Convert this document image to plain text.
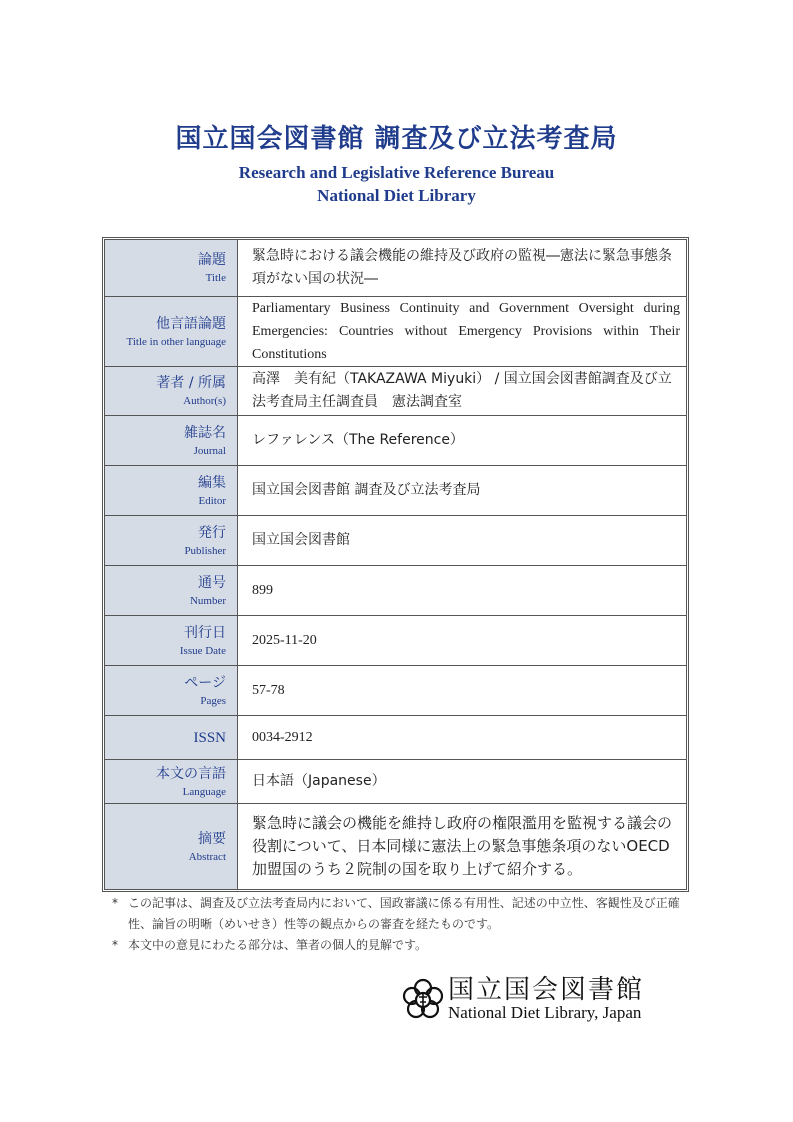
国立国会図書館 調査及び立法考査局

Research and Legislative Reference Bureau

National Diet Library

論題
Title
緊急時における議会機能の維持及び政府の監視―憲法に緊急事態条項がない国の状況―
他言語論題
Title in other language
Parliamentary Business Continuity and Government Oversight during Emergencies: Countries without Emergency Provisions within Their Constitutions
著者 / 所属
Author(s)
高澤　美有紀（TAKAZAWA Miyuki） / 国立国会図書館調査及び立法考査局主任調査員　憲法調査室
雑誌名
Journal
レファレンス（The Reference）
編集
Editor
国立国会図書館 調査及び立法考査局
発行
Publisher
国立国会図書館
通号
Number
899
刊行日
Issue Date
2025-11-20
ページ
Pages
57-78
ISSN	0034-2912
本文の言語
Language
日本語（Japanese）
摘要
Abstract
緊急時に議会の機能を維持し政府の権限濫用を監視する議会の役割について、日本同様に憲法上の緊急事態条項のないOECD 加盟国のうち２院制の国を取り上げて紹介する。
* この記事は、調査及び立法考査局内において、国政審議に係る有用性、記述の中立性、客観性及び正確性、論旨の明晰（めいせき）性等の観点からの審査を経たものです。
* 本文中の意見にわたる部分は、筆者の個人的見解です。
国立国会図書館
National Diet Library, Japan
